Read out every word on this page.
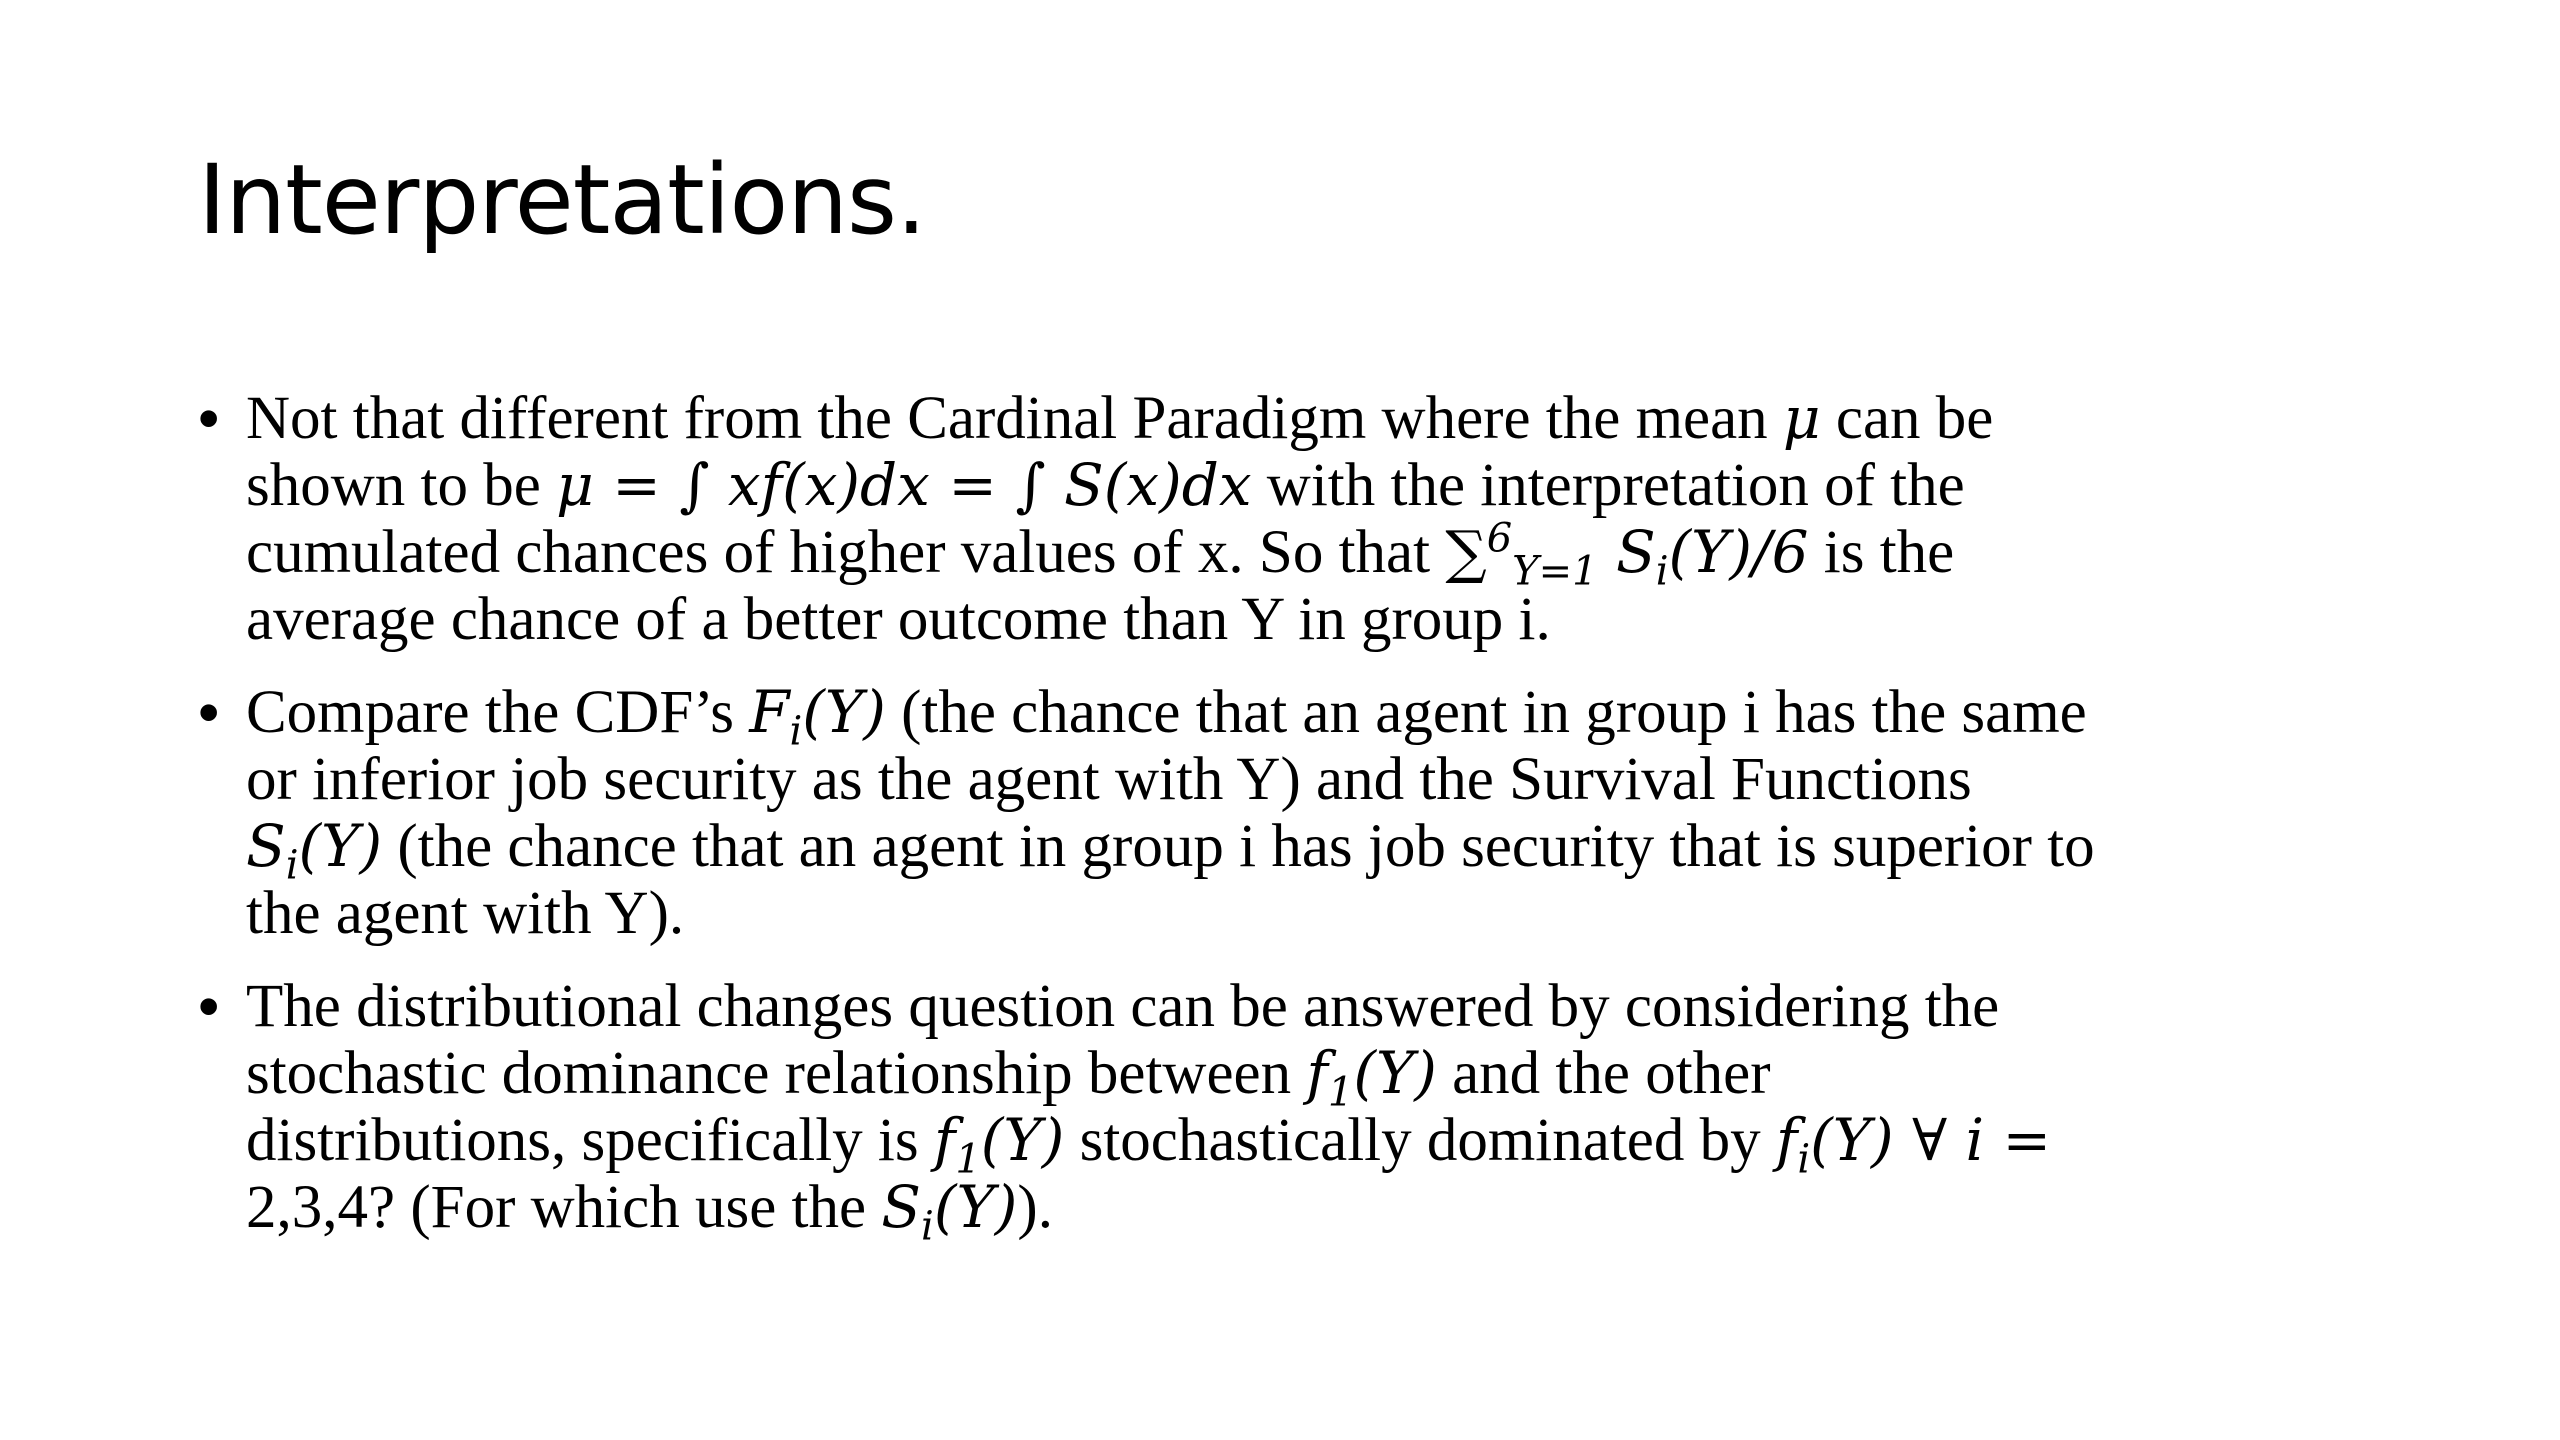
Interpretations.
• Not that different from the Cardinal Paradigm where the mean μ can be
shown to be μ = ∫ xf(x)dx = ∫ S(x)dx with the interpretation of the
cumulated chances of higher values of x. So that ∑$^6_{Y=1}$ $S_i(Y)/6$ is the
average chance of a better outcome than Y in group i.
• Compare the CDF’s $F_i(Y)$ (the chance that an agent in group i has the same
or inferior job security as the agent with Y) and the Survival Functions
$S_i(Y)$ (the chance that an agent in group i has job security that is superior to
the agent with Y).
• The distributional changes question can be answered by considering the
stochastic dominance relationship between $f_1(Y)$ and the other
distributions, specifically is $f_1(Y)$ stochastically dominated by $f_i(Y)$ ∀ i =
2,3,4? (For which use the $S_i(Y)$).
